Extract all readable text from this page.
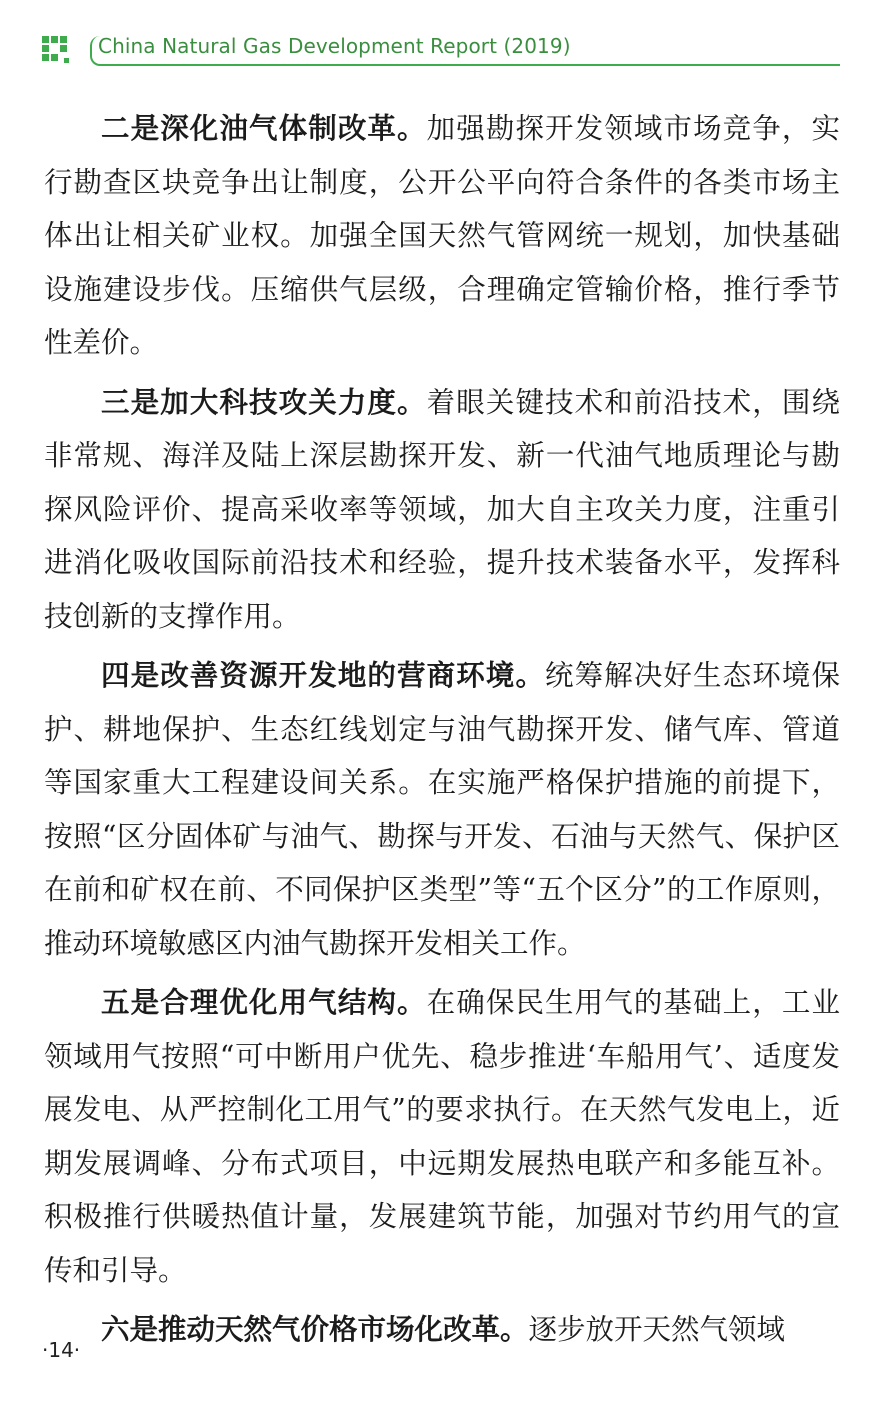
China Natural Gas Development Report (2019)

二是深化油气体制改革。加强勘探开发领域市场竞争，实行勘查区块竞争出让制度，公开公平向符合条件的各类市场主体出让相关矿业权。加强全国天然气管网统一规划，加快基础设施建设步伐。压缩供气层级，合理确定管输价格，推行季节性差价。

三是加大科技攻关力度。着眼关键技术和前沿技术，围绕非常规、海洋及陆上深层勘探开发、新一代油气地质理论与勘探风险评价、提高采收率等领域，加大自主攻关力度，注重引进消化吸收国际前沿技术和经验，提升技术装备水平，发挥科技创新的支撑作用。

四是改善资源开发地的营商环境。统筹解决好生态环境保护、耕地保护、生态红线划定与油气勘探开发、储气库、管道等国家重大工程建设间关系。在实施严格保护措施的前提下，按照“区分固体矿与油气、勘探与开发、石油与天然气、保护区在前和矿权在前、不同保护区类型”等“五个区分”的工作原则，推动环境敏感区内油气勘探开发相关工作。

五是合理优化用气结构。在确保民生用气的基础上，工业领域用气按照“可中断用户优先、稳步推进‘车船用气’、适度发展发电、从严控制化工用气”的要求执行。在天然气发电上，近期发展调峰、分布式项目，中远期发展热电联产和多能互补。积极推行供暖热值计量，发展建筑节能，加强对节约用气的宣传和引导。

六是推动天然气价格市场化改革。逐步放开天然气领域

·14·
